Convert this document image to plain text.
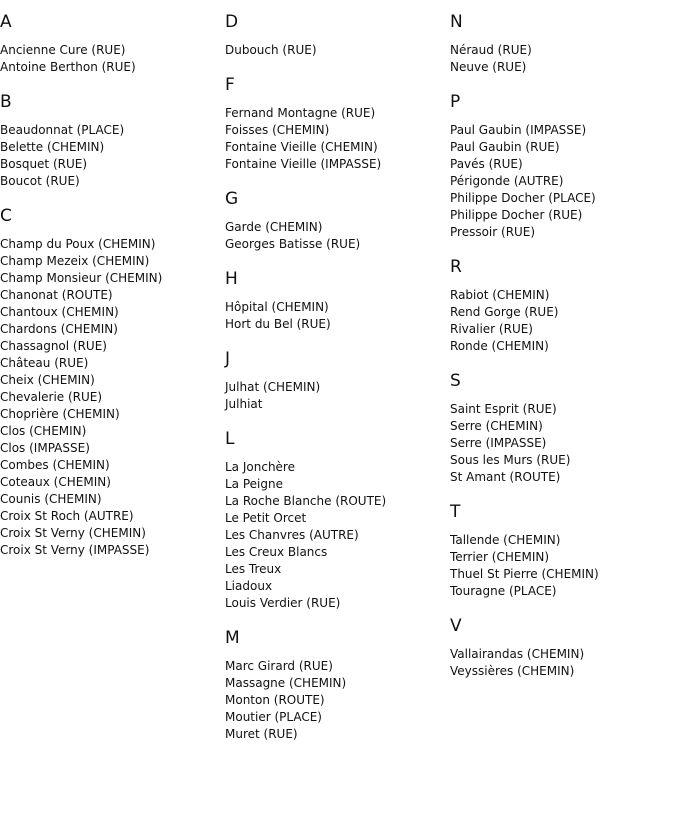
A
Ancienne Cure (RUE)
Antoine Berthon (RUE)
B
Beaudonnat (PLACE)
Belette (CHEMIN)
Bosquet (RUE)
Boucot (RUE)
C
Champ du Poux (CHEMIN)
Champ Mezeix (CHEMIN)
Champ Monsieur (CHEMIN)
Chanonat (ROUTE)
Chantoux (CHEMIN)
Chardons (CHEMIN)
Chassagnol (RUE)
Château (RUE)
Cheix (CHEMIN)
Chevalerie (RUE)
Choprière (CHEMIN)
Clos (CHEMIN)
Clos (IMPASSE)
Combes (CHEMIN)
Coteaux (CHEMIN)
Counis (CHEMIN)
Croix St Roch (AUTRE)
Croix St Verny (CHEMIN)
Croix St Verny (IMPASSE)
D
Dubouch (RUE)
F
Fernand Montagne (RUE)
Foisses (CHEMIN)
Fontaine Vieille (CHEMIN)
Fontaine Vieille (IMPASSE)
G
Garde (CHEMIN)
Georges Batisse (RUE)
H
Hôpital (CHEMIN)
Hort du Bel (RUE)
J
Julhat (CHEMIN)
Julhiat
L
La Jonchère
La Peigne
La Roche Blanche (ROUTE)
Le Petit Orcet
Les Chanvres (AUTRE)
Les Creux Blancs
Les Treux
Liadoux
Louis Verdier (RUE)
M
Marc Girard (RUE)
Massagne (CHEMIN)
Monton (ROUTE)
Moutier (PLACE)
Muret (RUE)
N
Néraud (RUE)
Neuve (RUE)
P
Paul Gaubin (IMPASSE)
Paul Gaubin (RUE)
Pavés (RUE)
Périgonde (AUTRE)
Philippe Docher (PLACE)
Philippe Docher (RUE)
Pressoir (RUE)
R
Rabiot (CHEMIN)
Rend Gorge (RUE)
Rivalier (RUE)
Ronde (CHEMIN)
S
Saint Esprit (RUE)
Serre (CHEMIN)
Serre (IMPASSE)
Sous les Murs (RUE)
St Amant (ROUTE)
T
Tallende (CHEMIN)
Terrier (CHEMIN)
Thuel St Pierre (CHEMIN)
Touragne (PLACE)
V
Vallairandas (CHEMIN)
Veyssières (CHEMIN)
